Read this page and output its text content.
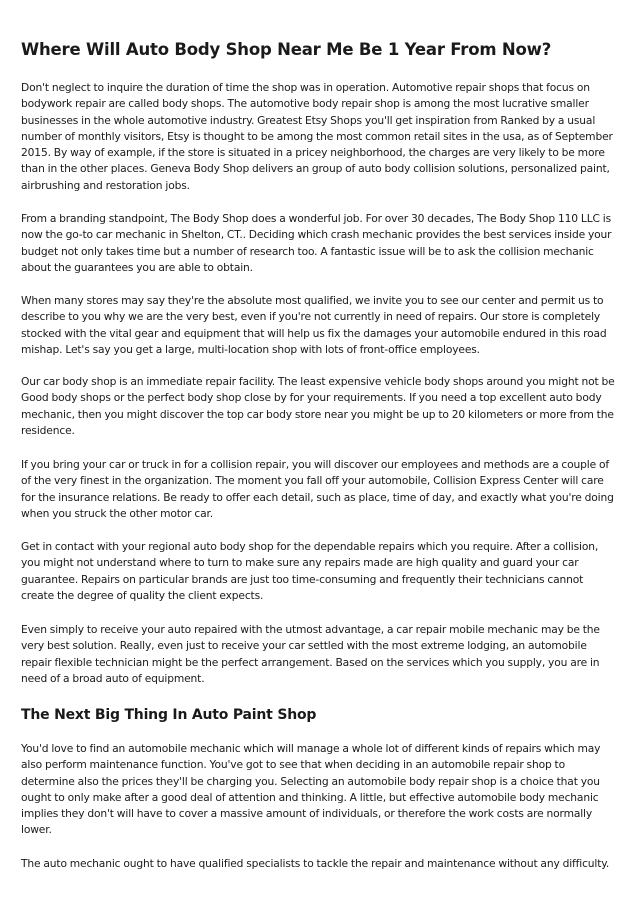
Where Will Auto Body Shop Near Me Be 1 Year From Now?

Don't neglect to inquire the duration of time the shop was in operation. Automotive repair shops that focus on bodywork repair are called body shops. The automotive body repair shop is among the most lucrative smaller businesses in the whole automotive industry. Greatest Etsy Shops you'll get inspiration from Ranked by a usual number of monthly visitors, Etsy is thought to be among the most common retail sites in the usa, as of September 2015. By way of example, if the store is situated in a pricey neighborhood, the charges are very likely to be more than in the other places. Geneva Body Shop delivers an group of auto body collision solutions, personalized paint, airbrushing and restoration jobs.

From a branding standpoint, The Body Shop does a wonderful job. For over 30 decades, The Body Shop 110 LLC is now the go-to car mechanic in Shelton, CT.. Deciding which crash mechanic provides the best services inside your budget not only takes time but a number of research too. A fantastic issue will be to ask the collision mechanic about the guarantees you are able to obtain.

When many stores may say they're the absolute most qualified, we invite you to see our center and permit us to describe to you why we are the very best, even if you're not currently in need of repairs. Our store is completely stocked with the vital gear and equipment that will help us fix the damages your automobile endured in this road mishap. Let's say you get a large, multi-location shop with lots of front-office employees.

Our car body shop is an immediate repair facility. The least expensive vehicle body shops around you might not be Good body shops or the perfect body shop close by for your requirements. If you need a top excellent auto body mechanic, then you might discover the top car body store near you might be up to 20 kilometers or more from the residence.

If you bring your car or truck in for a collision repair, you will discover our employees and methods are a couple of of the very finest in the organization. The moment you fall off your automobile, Collision Express Center will care for the insurance relations. Be ready to offer each detail, such as place, time of day, and exactly what you're doing when you struck the other motor car.

Get in contact with your regional auto body shop for the dependable repairs which you require. After a collision, you might not understand where to turn to make sure any repairs made are high quality and guard your car guarantee. Repairs on particular brands are just too time-consuming and frequently their technicians cannot create the degree of quality the client expects.

Even simply to receive your auto repaired with the utmost advantage, a car repair mobile mechanic may be the very best solution. Really, even just to receive your car settled with the most extreme lodging, an automobile repair flexible technician might be the perfect arrangement. Based on the services which you supply, you are in need of a broad auto of equipment.

The Next Big Thing In Auto Paint Shop

You'd love to find an automobile mechanic which will manage a whole lot of different kinds of repairs which may also perform maintenance function. You've got to see that when deciding in an automobile repair shop to determine also the prices they'll be charging you. Selecting an automobile body repair shop is a choice that you ought to only make after a good deal of attention and thinking. A little, but effective automobile body mechanic implies they don't will have to cover a massive amount of individuals, or therefore the work costs are normally lower.

The auto mechanic ought to have qualified specialists to tackle the repair and maintenance without any difficulty.
